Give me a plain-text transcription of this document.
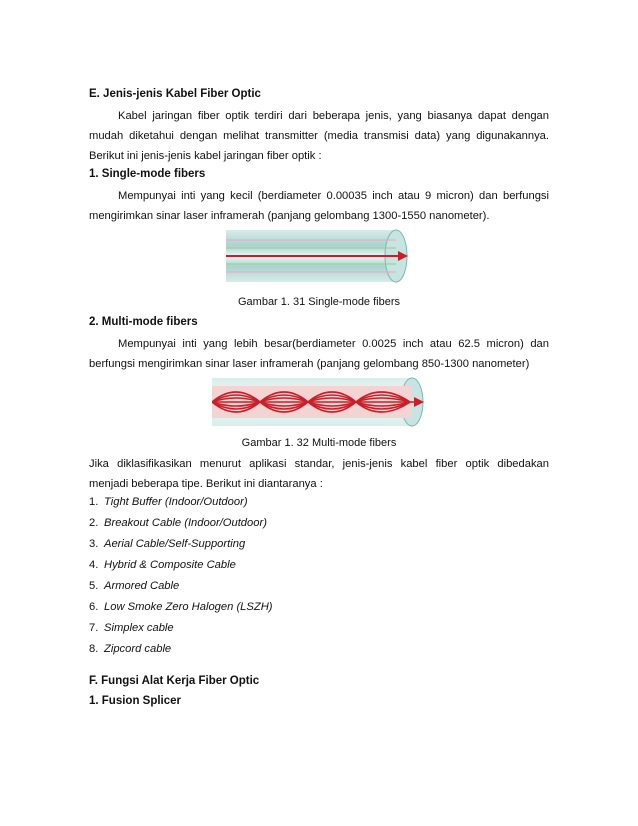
E. Jenis-jenis Kabel Fiber Optic
Kabel jaringan fiber optik terdiri dari beberapa jenis, yang biasanya dapat dengan
mudah diketahui dengan melihat transmitter (media transmisi data) yang digunakannya.
Berikut ini jenis-jenis kabel jaringan fiber optik :
1. Single-mode fibers
Mempunyai inti yang kecil (berdiameter 0.00035 inch atau 9 micron) dan berfungsi
mengirimkan sinar laser inframerah (panjang gelombang 1300-1550 nanometer).
Gambar 1. 31 Single-mode fibers
2. Multi-mode fibers
Mempunyai inti yang lebih besar(berdiameter 0.0025 inch atau 62.5 micron) dan
berfungsi mengirimkan sinar laser inframerah (panjang gelombang 850-1300 nanometer)
Gambar 1. 32 Multi-mode fibers
Jika diklasifikasikan menurut aplikasi standar, jenis-jenis kabel fiber optik dibedakan
menjadi beberapa tipe. Berikut ini diantaranya :
1. Tight Buffer (Indoor/Outdoor)
2. Breakout Cable (Indoor/Outdoor)
3. Aerial Cable/Self-Supporting
4. Hybrid & Composite Cable
5. Armored Cable
6. Low Smoke Zero Halogen (LSZH)
7. Simplex cable
8. Zipcord cable
F. Fungsi Alat Kerja Fiber Optic
1. Fusion Splicer
